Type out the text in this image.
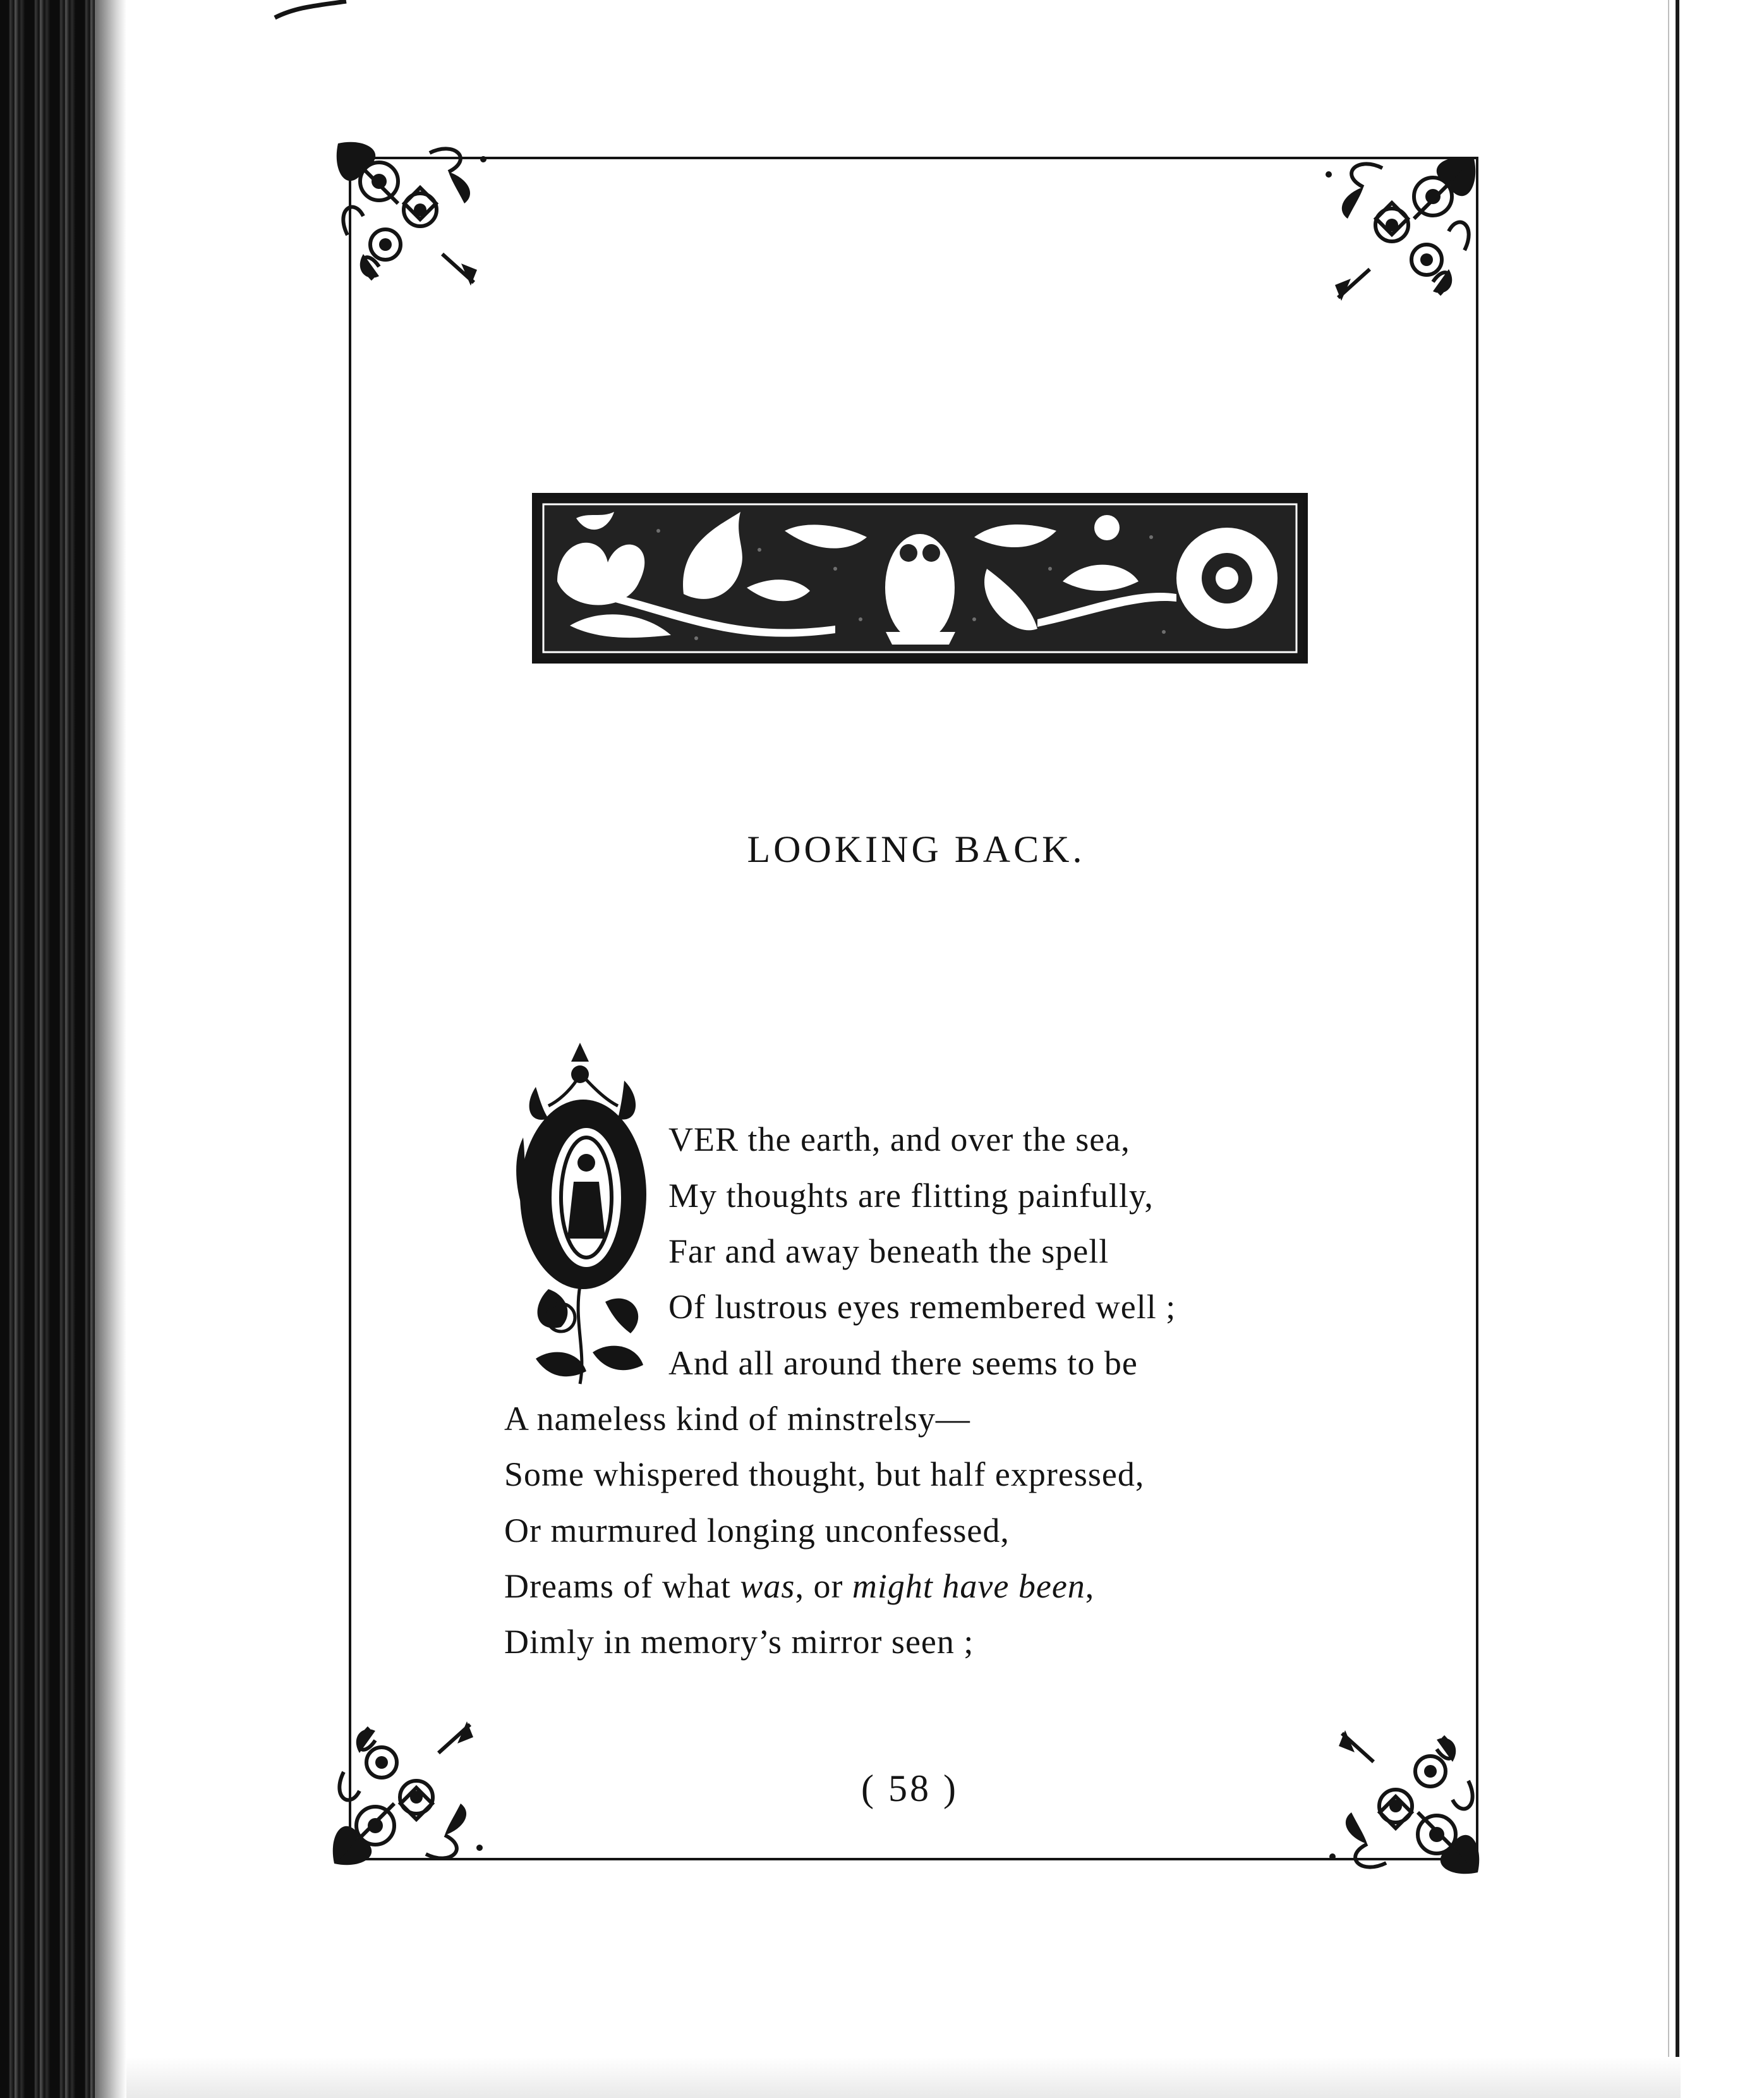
LOOKING BACK.
VER the earth, and over the sea,
My thoughts are flitting painfully,
Far and away beneath the spell
Of lustrous eyes remembered well ;
And all around there seems to be
A nameless kind of minstrelsy—
Some whispered thought, but half expressed,
Or murmured longing unconfessed,
Dreams of what was, or might have been,
Dimly in memory’s mirror seen ;
( 58 )
